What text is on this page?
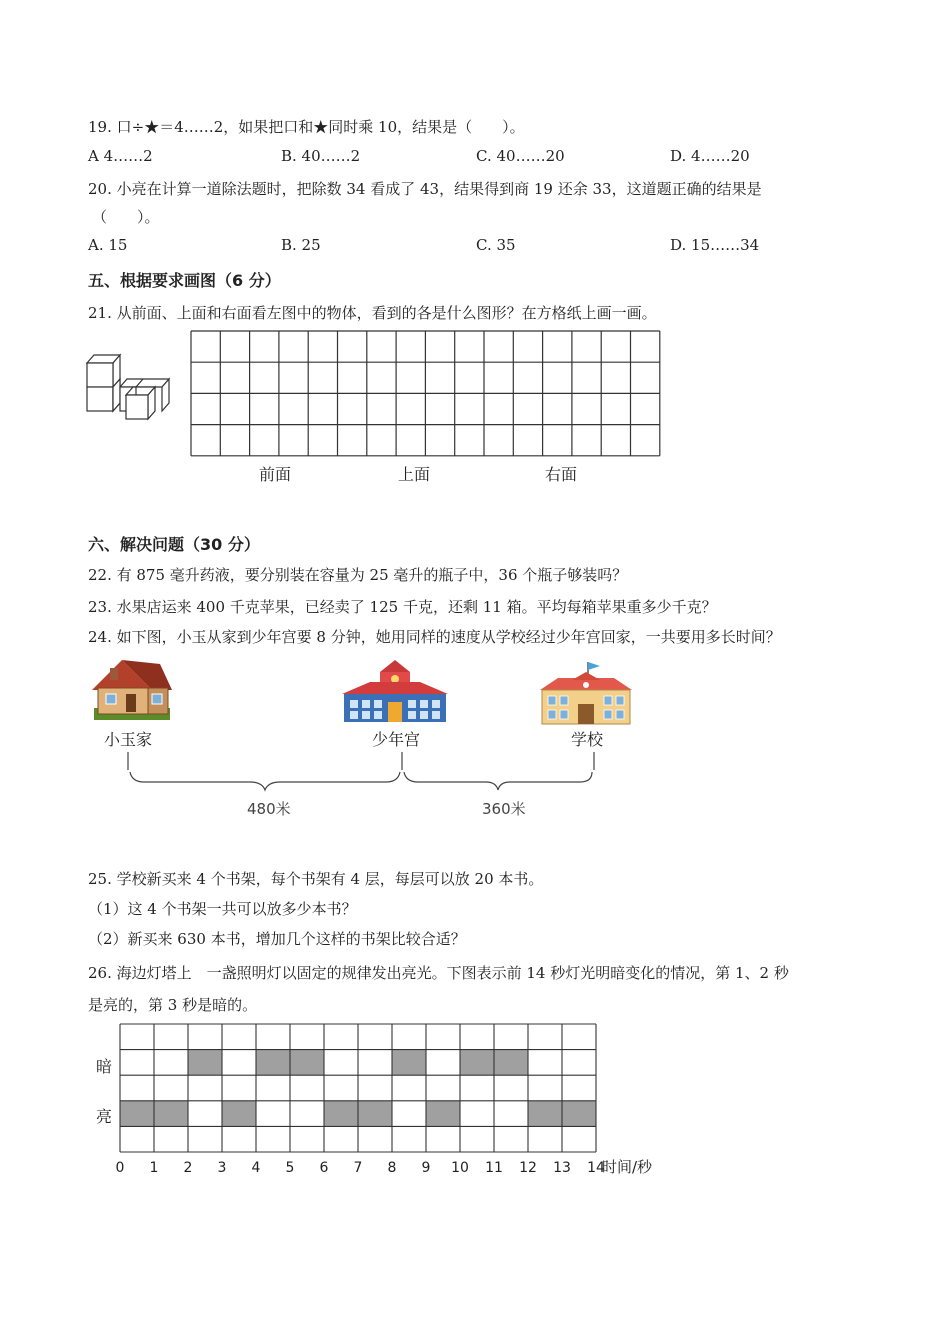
19. 口÷★＝4……2，如果把口和★同时乘 10，结果是（　　）。
A 4……2	B. 40……2	C. 40……20	D. 4……20
20. 小亮在计算一道除法题时，把除数 34 看成了 43，结果得到商 19 还余 33，这道题正确的结果是
（　　）。
A. 15	B. 25	C. 35	D. 15……34
五、根据要求画图（6 分）
21. 从前面、上面和右面看左图中的物体，看到的各是什么图形？在方格纸上画一画。
前面	上面	右面
六、解决问题（30 分）
22. 有 875 毫升药液，要分别装在容量为 25 毫升的瓶子中，36 个瓶子够装吗？
23. 水果店运来 400 千克苹果，已经卖了 125 千克，还剩 11 箱。平均每箱苹果重多少千克？
24. 如下图，小玉从家到少年宫要 8 分钟，她用同样的速度从学校经过少年宫回家，一共要用多长时间？
小玉家	少年宫	学校
480米	360米
25. 学校新买来 4 个书架，每个书架有 4 层，每层可以放 20 本书。
（1）这 4 个书架一共可以放多少本书？
（2）新买来 630 本书，增加几个这样的书架比较合适？
26. 海边灯塔上　一盏照明灯以固定的规律发出亮光。下图表示前 14 秒灯光明暗变化的情况，第 1、2 秒
是亮的，第 3 秒是暗的。
暗
亮
0 1 2 3 4 5 6 7 8 9 10 11 12 13 14
时间/秒
